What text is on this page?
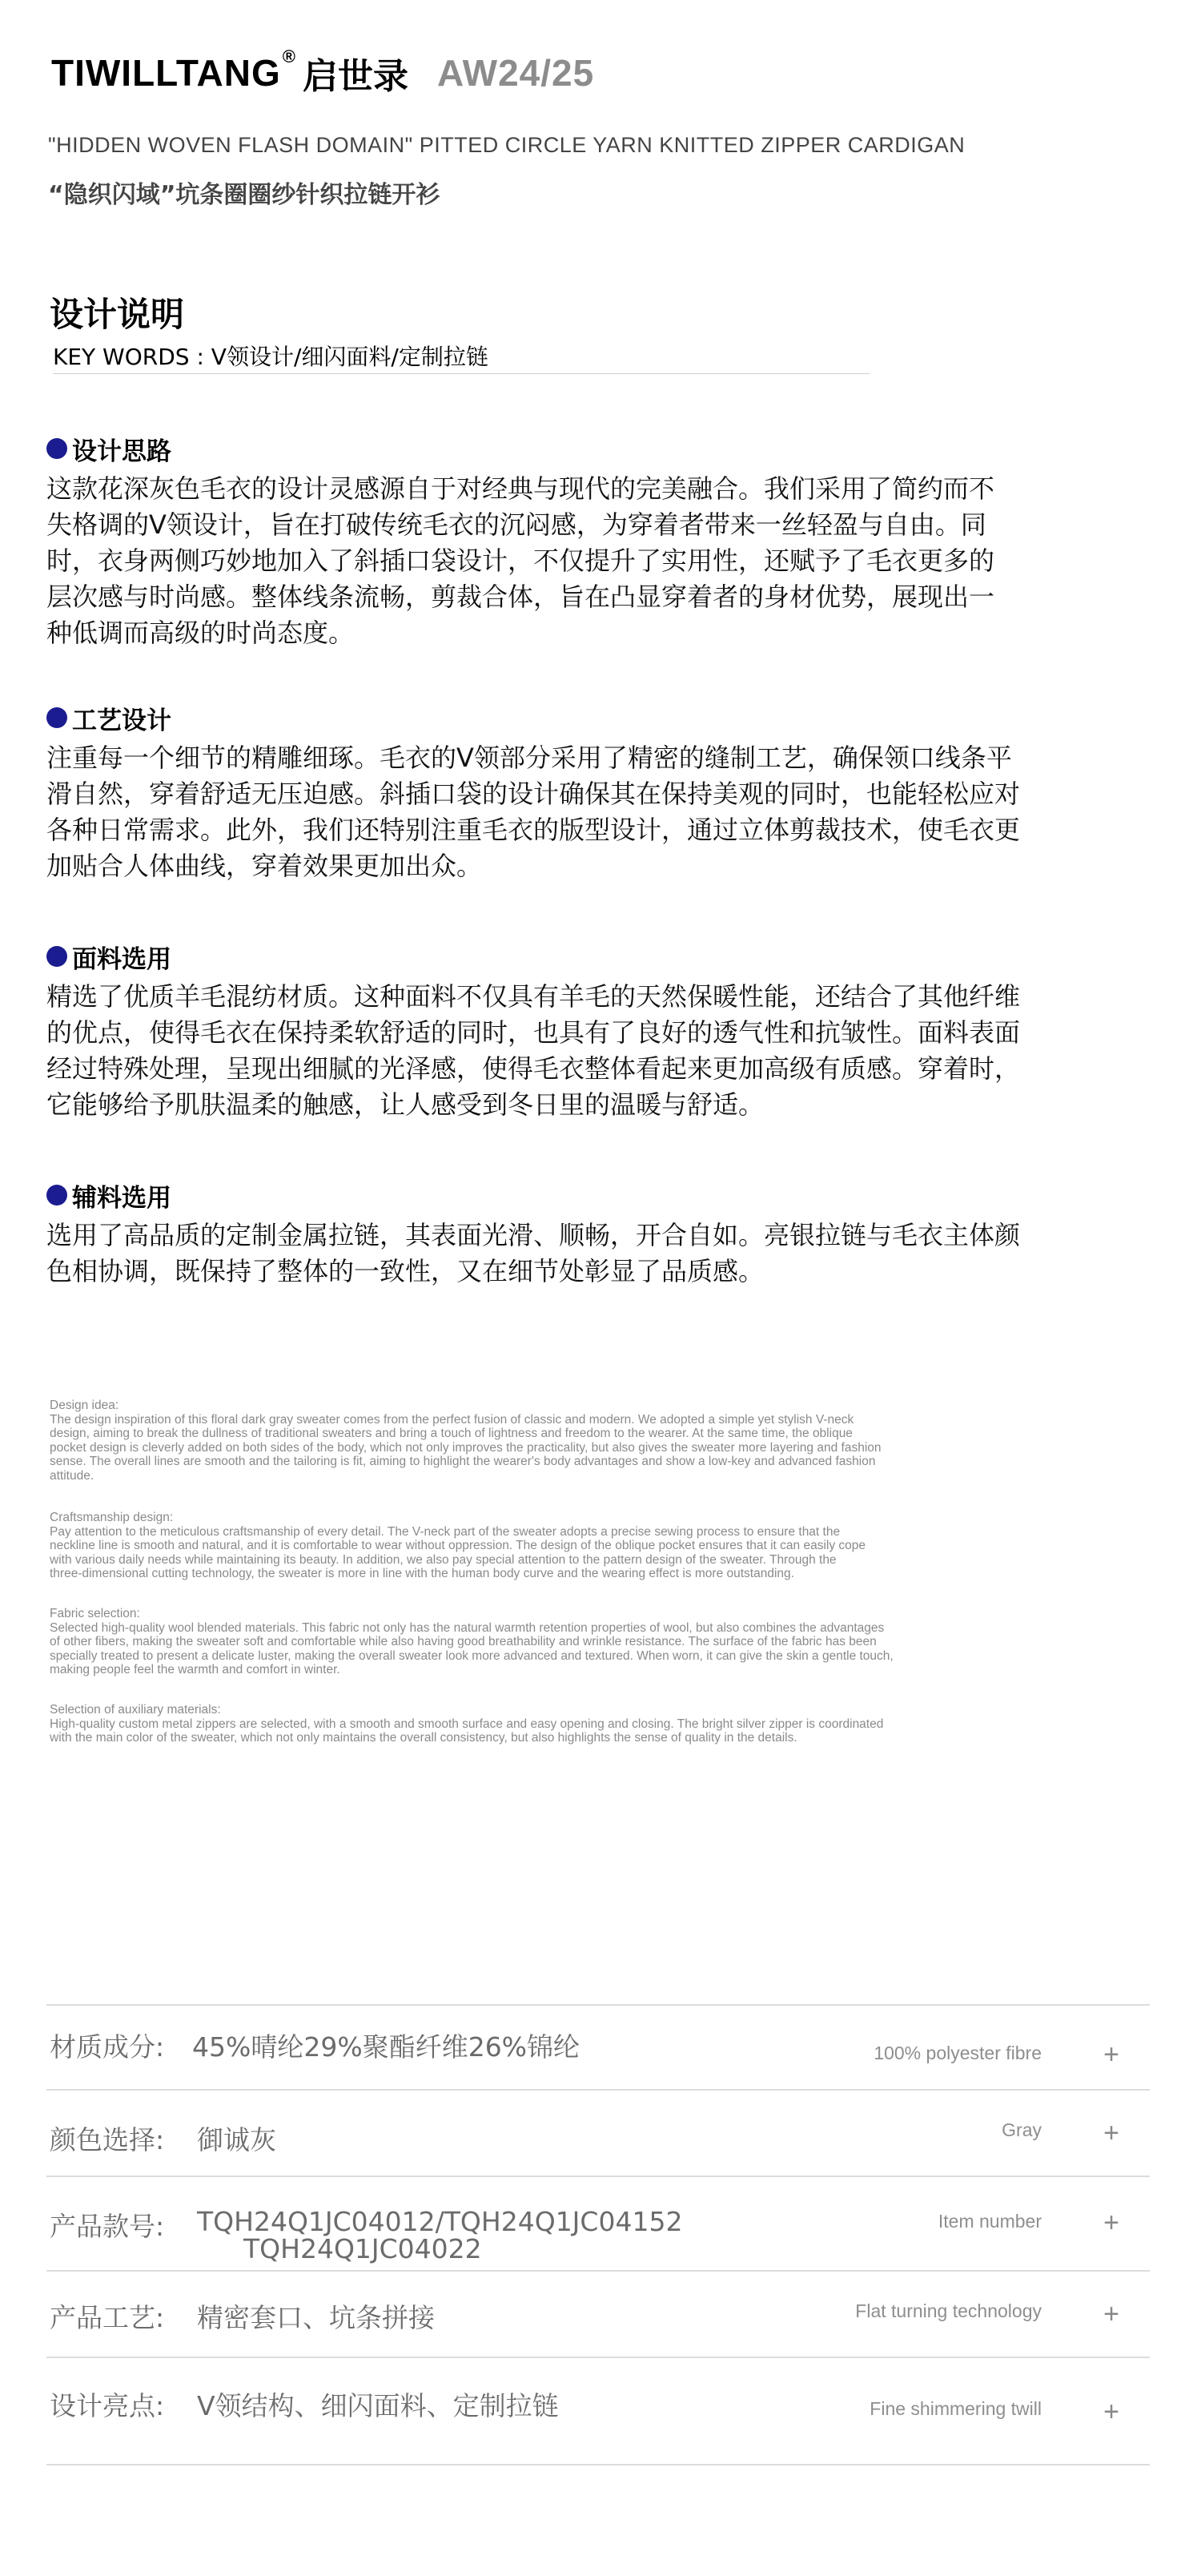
TIWILLTANG® 启世录 AW24/25
"HIDDEN WOVEN FLASH DOMAIN" PITTED CIRCLE YARN KNITTED ZIPPER CARDIGAN
“隐织闪域”坑条圈圈纱针织拉链开衫
设计说明
KEY WORDS : V领设计/细闪面料/定制拉链
设计思路
这款花深灰色毛衣的设计灵感源自于对经典与现代的完美融合。我们采用了简约而不
失格调的V领设计，旨在打破传统毛衣的沉闷感，为穿着者带来一丝轻盈与自由。同
时，衣身两侧巧妙地加入了斜插口袋设计，不仅提升了实用性，还赋予了毛衣更多的
层次感与时尚感。整体线条流畅，剪裁合体，旨在凸显穿着者的身材优势，展现出一
种低调而高级的时尚态度。
工艺设计
注重每一个细节的精雕细琢。毛衣的V领部分采用了精密的缝制工艺，确保领口线条平
滑自然，穿着舒适无压迫感。斜插口袋的设计确保其在保持美观的同时，也能轻松应对
各种日常需求。此外，我们还特别注重毛衣的版型设计，通过立体剪裁技术，使毛衣更
加贴合人体曲线，穿着效果更加出众。
面料选用
精选了优质羊毛混纺材质。这种面料不仅具有羊毛的天然保暖性能，还结合了其他纤维
的优点，使得毛衣在保持柔软舒适的同时，也具有了良好的透气性和抗皱性。面料表面
经过特殊处理，呈现出细腻的光泽感，使得毛衣整体看起来更加高级有质感。穿着时，
它能够给予肌肤温柔的触感，让人感受到冬日里的温暖与舒适。
辅料选用
选用了高品质的定制金属拉链，其表面光滑、顺畅，开合自如。亮银拉链与毛衣主体颜
色相协调，既保持了整体的一致性，又在细节处彰显了品质感。
Design idea:
The design inspiration of this floral dark gray sweater comes from the perfect fusion of classic and modern. We adopted a simple yet stylish V-neck
design, aiming to break the dullness of traditional sweaters and bring a touch of lightness and freedom to the wearer. At the same time, the oblique
pocket design is cleverly added on both sides of the body, which not only improves the practicality, but also gives the sweater more layering and fashion
sense. The overall lines are smooth and the tailoring is fit, aiming to highlight the wearer's body advantages and show a low-key and advanced fashion
attitude.
Craftsmanship design:
Pay attention to the meticulous craftsmanship of every detail. The V-neck part of the sweater adopts a precise sewing process to ensure that the
neckline line is smooth and natural, and it is comfortable to wear without oppression. The design of the oblique pocket ensures that it can easily cope
with various daily needs while maintaining its beauty. In addition, we also pay special attention to the pattern design of the sweater. Through the
three-dimensional cutting technology, the sweater is more in line with the human body curve and the wearing effect is more outstanding.
Fabric selection:
Selected high-quality wool blended materials. This fabric not only has the natural warmth retention properties of wool, but also combines the advantages
of other fibers, making the sweater soft and comfortable while also having good breathability and wrinkle resistance. The surface of the fabric has been
specially treated to present a delicate luster, making the overall sweater look more advanced and textured. When worn, it can give the skin a gentle touch,
making people feel the warmth and comfort in winter.
Selection of auxiliary materials:
High-quality custom metal zippers are selected, with a smooth and smooth surface and easy opening and closing. The bright silver zipper is coordinated
with the main color of the sweater, which not only maintains the overall consistency, but also highlights the sense of quality in the details.
材质成分: 45%晴纶29%聚酯纤维26%锦纶	100% polyester fibre +
颜色选择: 御诚灰	Gray +
产品款号: TQH24Q1JC04012/TQH24Q1JC04152
TQH24Q1JC04022
Item number +
产品工艺: 精密套口、坑条拼接	Flat turning technology +
设计亮点: V领结构、细闪面料、定制拉链	Fine shimmering twill +
